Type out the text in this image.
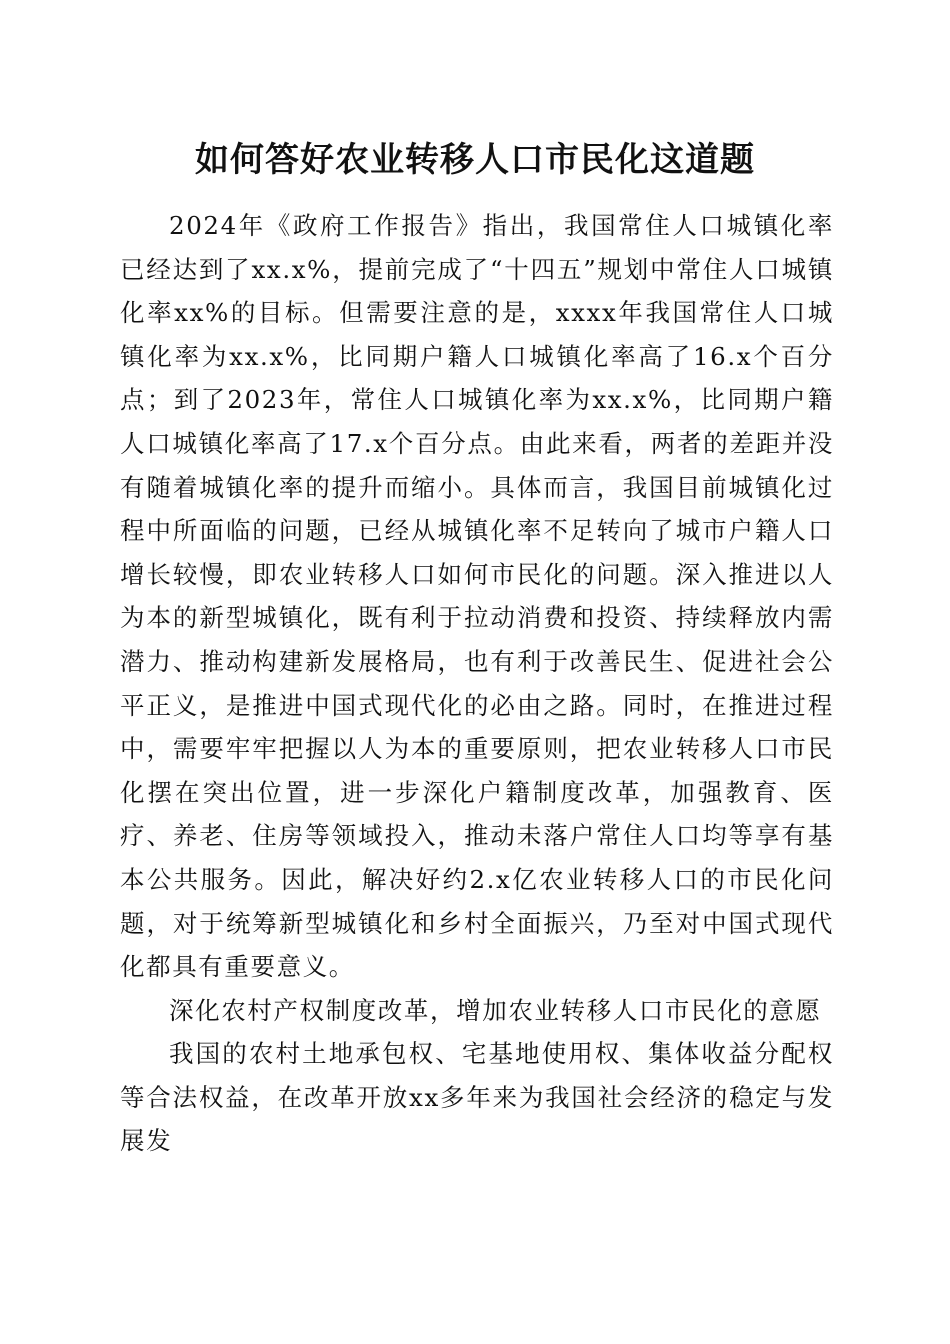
如何答好农业转移人口市民化这道题

2024年《政府工作报告》指出，我国常住人口城镇化率已经达到了xx.x%，提前完成了“十四五”规划中常住人口城镇化率xx%的目标。但需要注意的是，xxxx年我国常住人口城镇化率为xx.x%，比同期户籍人口城镇化率高了16.x个百分点；到了2023年，常住人口城镇化率为xx.x%，比同期户籍人口城镇化率高了17.x个百分点。由此来看，两者的差距并没有随着城镇化率的提升而缩小。具体而言，我国目前城镇化过程中所面临的问题，已经从城镇化率不足转向了城市户籍人口增长较慢，即农业转移人口如何市民化的问题。深入推进以人为本的新型城镇化，既有利于拉动消费和投资、持续释放内需潜力、推动构建新发展格局，也有利于改善民生、促进社会公平正义，是推进中国式现代化的必由之路。同时，在推进过程中，需要牢牢把握以人为本的重要原则，把农业转移人口市民化摆在突出位置，进一步深化户籍制度改革，加强教育、医疗、养老、住房等领域投入，推动未落户常住人口均等享有基本公共服务。因此，解决好约2.x亿农业转移人口的市民化问题，对于统筹新型城镇化和乡村全面振兴，乃至对中国式现代化都具有重要意义。

深化农村产权制度改革，增加农业转移人口市民化的意愿

我国的农村土地承包权、宅基地使用权、集体收益分配权等合法权益，在改革开放xx多年来为我国社会经济的稳定与发展发
